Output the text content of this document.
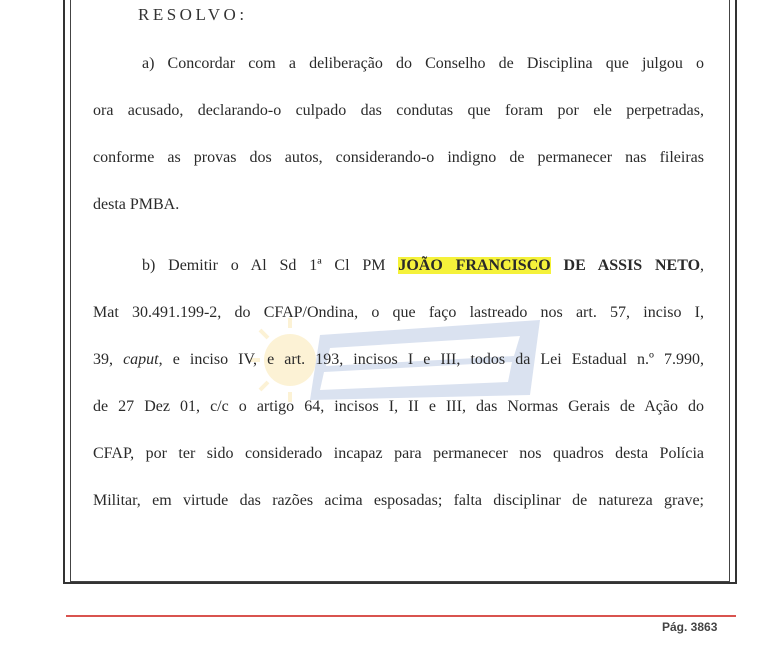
RESOLVO:
a) Concordar com a deliberação do Conselho de Disciplina que julgou o
ora acusado, declarando-o culpado das condutas que foram por ele perpetradas,
conforme as provas dos autos, considerando-o indigno de permanecer nas fileiras
desta PMBA.
b) Demitir o Al Sd 1ª Cl PM JOÃO FRANCISCO DE ASSIS NETO,
Mat 30.491.199-2, do CFAP/Ondina, o que faço lastreado nos art. 57, inciso I,
39, caput, e inciso IV, e art. 193, incisos I e III, todos da Lei Estadual n.º 7.990,
de 27 Dez 01, c/c o artigo 64, incisos I, II e III, das Normas Gerais de Ação do
CFAP, por ter sido considerado incapaz para permanecer nos quadros desta Polícia
Militar, em virtude das razões acima esposadas; falta disciplinar de natureza grave;
Pág. 3863
